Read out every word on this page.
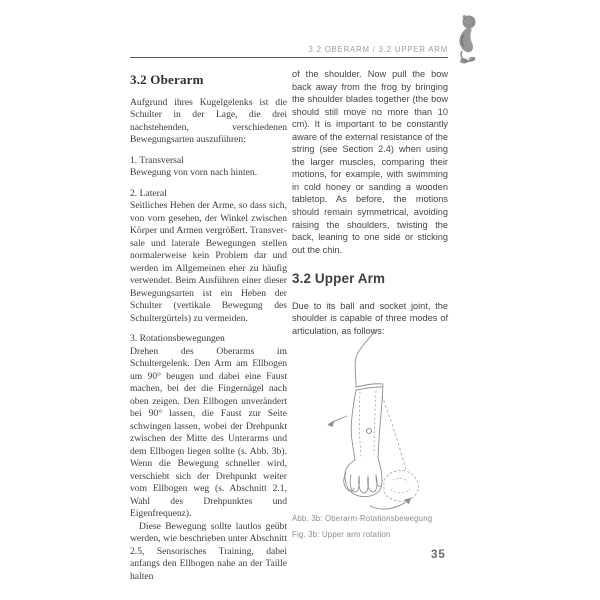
3.2 OBERARM / 3.2 UPPER ARM
3.2 Oberarm

Aufgrund ihres Kugelgelenks ist die Schulter in der Lage, die drei nachstehenden, verschiedenen Bewegungsarten auszuführen:

1. Transversal

Bewegung von vorn nach hinten.

2. Lateral

Seitliches Heben der Arme, so dass sich, von vorn gesehen, der Winkel zwischen Körper und Armen vergrößert. Transversale und laterale Bewegungen stellen normalerweise kein Problem dar und werden im Allgemeinen eher zu häufig verwendet. Beim Ausführen einer dieser Bewegungsarten ist ein Heben der Schulter (vertikale Bewegung des Schultergürtels) zu vermeiden.

3. Rotationsbewegungen

Drehen des Oberarms im Schultergelenk. Den Arm am Ellbogen um 90° beugen und dabei eine Faust machen, bei der die Fingernägel nach oben zeigen. Den Ellbogen unverändert bei 90° lassen, die Faust zur Seite schwingen lassen, wobei der Drehpunkt zwischen der Mitte des Unterarms und dem Ellbogen liegen sollte (s. Abb. 3b). Wenn die Bewegung schneller wird, verschiebt sich der Drehpunkt weiter vom Ellbogen weg (s. Abschnitt 2.1, Wahl des Drehpunktes und Eigenfrequenz).

Diese Bewegung sollte lautlos geübt werden, wie beschrieben unter Abschnitt 2.5, Sensorisches Training, dabei anfangs den Ellbogen nahe an der Taille halten

of the shoulder. Now pull the bow back away from the frog by bringing the shoulder blades together (the bow should still move no more than 10 cm). It is important to be constantly aware of the external resistance of the string (see Section 2.4) when using the larger muscles, comparing their motions, for example, with swimming in cold honey or sanding a wooden tabletop. As before, the motions should remain symmetrical, avoiding raising the shoulders, twisting the back, leaning to one side or sticking out the chin.

3.2 Upper Arm

Due to its ball and socket joint, the shoulder is capable of three modes of articulation, as follows:

Abb. 3b: Oberarm-Rotationsbewegung
Fig. 3b: Upper arm rotation
35
